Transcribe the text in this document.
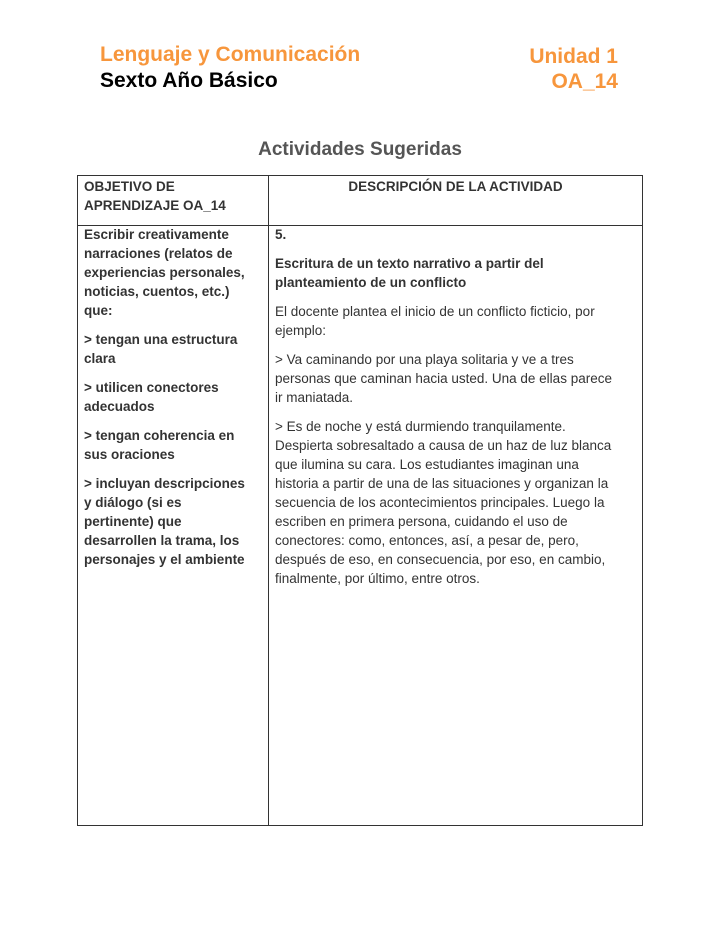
Lenguaje y Comunicación
Sexto Año Básico
Unidad 1
OA_14
Actividades Sugeridas
OBJETIVO DE
APRENDIZAJE OA_14
DESCRIPCIÓN DE LA ACTIVIDAD
Escribir creativamente
narraciones (relatos de
experiencias personales,
noticias, cuentos, etc.)
que:
> tengan una estructura
clara
> utilicen conectores
adecuados
> tengan coherencia en
sus oraciones
> incluyan descripciones
y diálogo (si es
pertinente) que
desarrollen la trama, los
personajes y el ambiente
5.
Escritura de un texto narrativo a partir del
planteamiento de un conflicto
El docente plantea el inicio de un conflicto ficticio, por
ejemplo:
> Va caminando por una playa solitaria y ve a tres
personas que caminan hacia usted. Una de ellas parece
ir maniatada.
> Es de noche y está durmiendo tranquilamente.
Despierta sobresaltado a causa de un haz de luz blanca
que ilumina su cara. Los estudiantes imaginan una
historia a partir de una de las situaciones y organizan la
secuencia de los acontecimientos principales. Luego la
escriben en primera persona, cuidando el uso de
conectores: como, entonces, así, a pesar de, pero,
después de eso, en consecuencia, por eso, en cambio,
finalmente, por último, entre otros.
